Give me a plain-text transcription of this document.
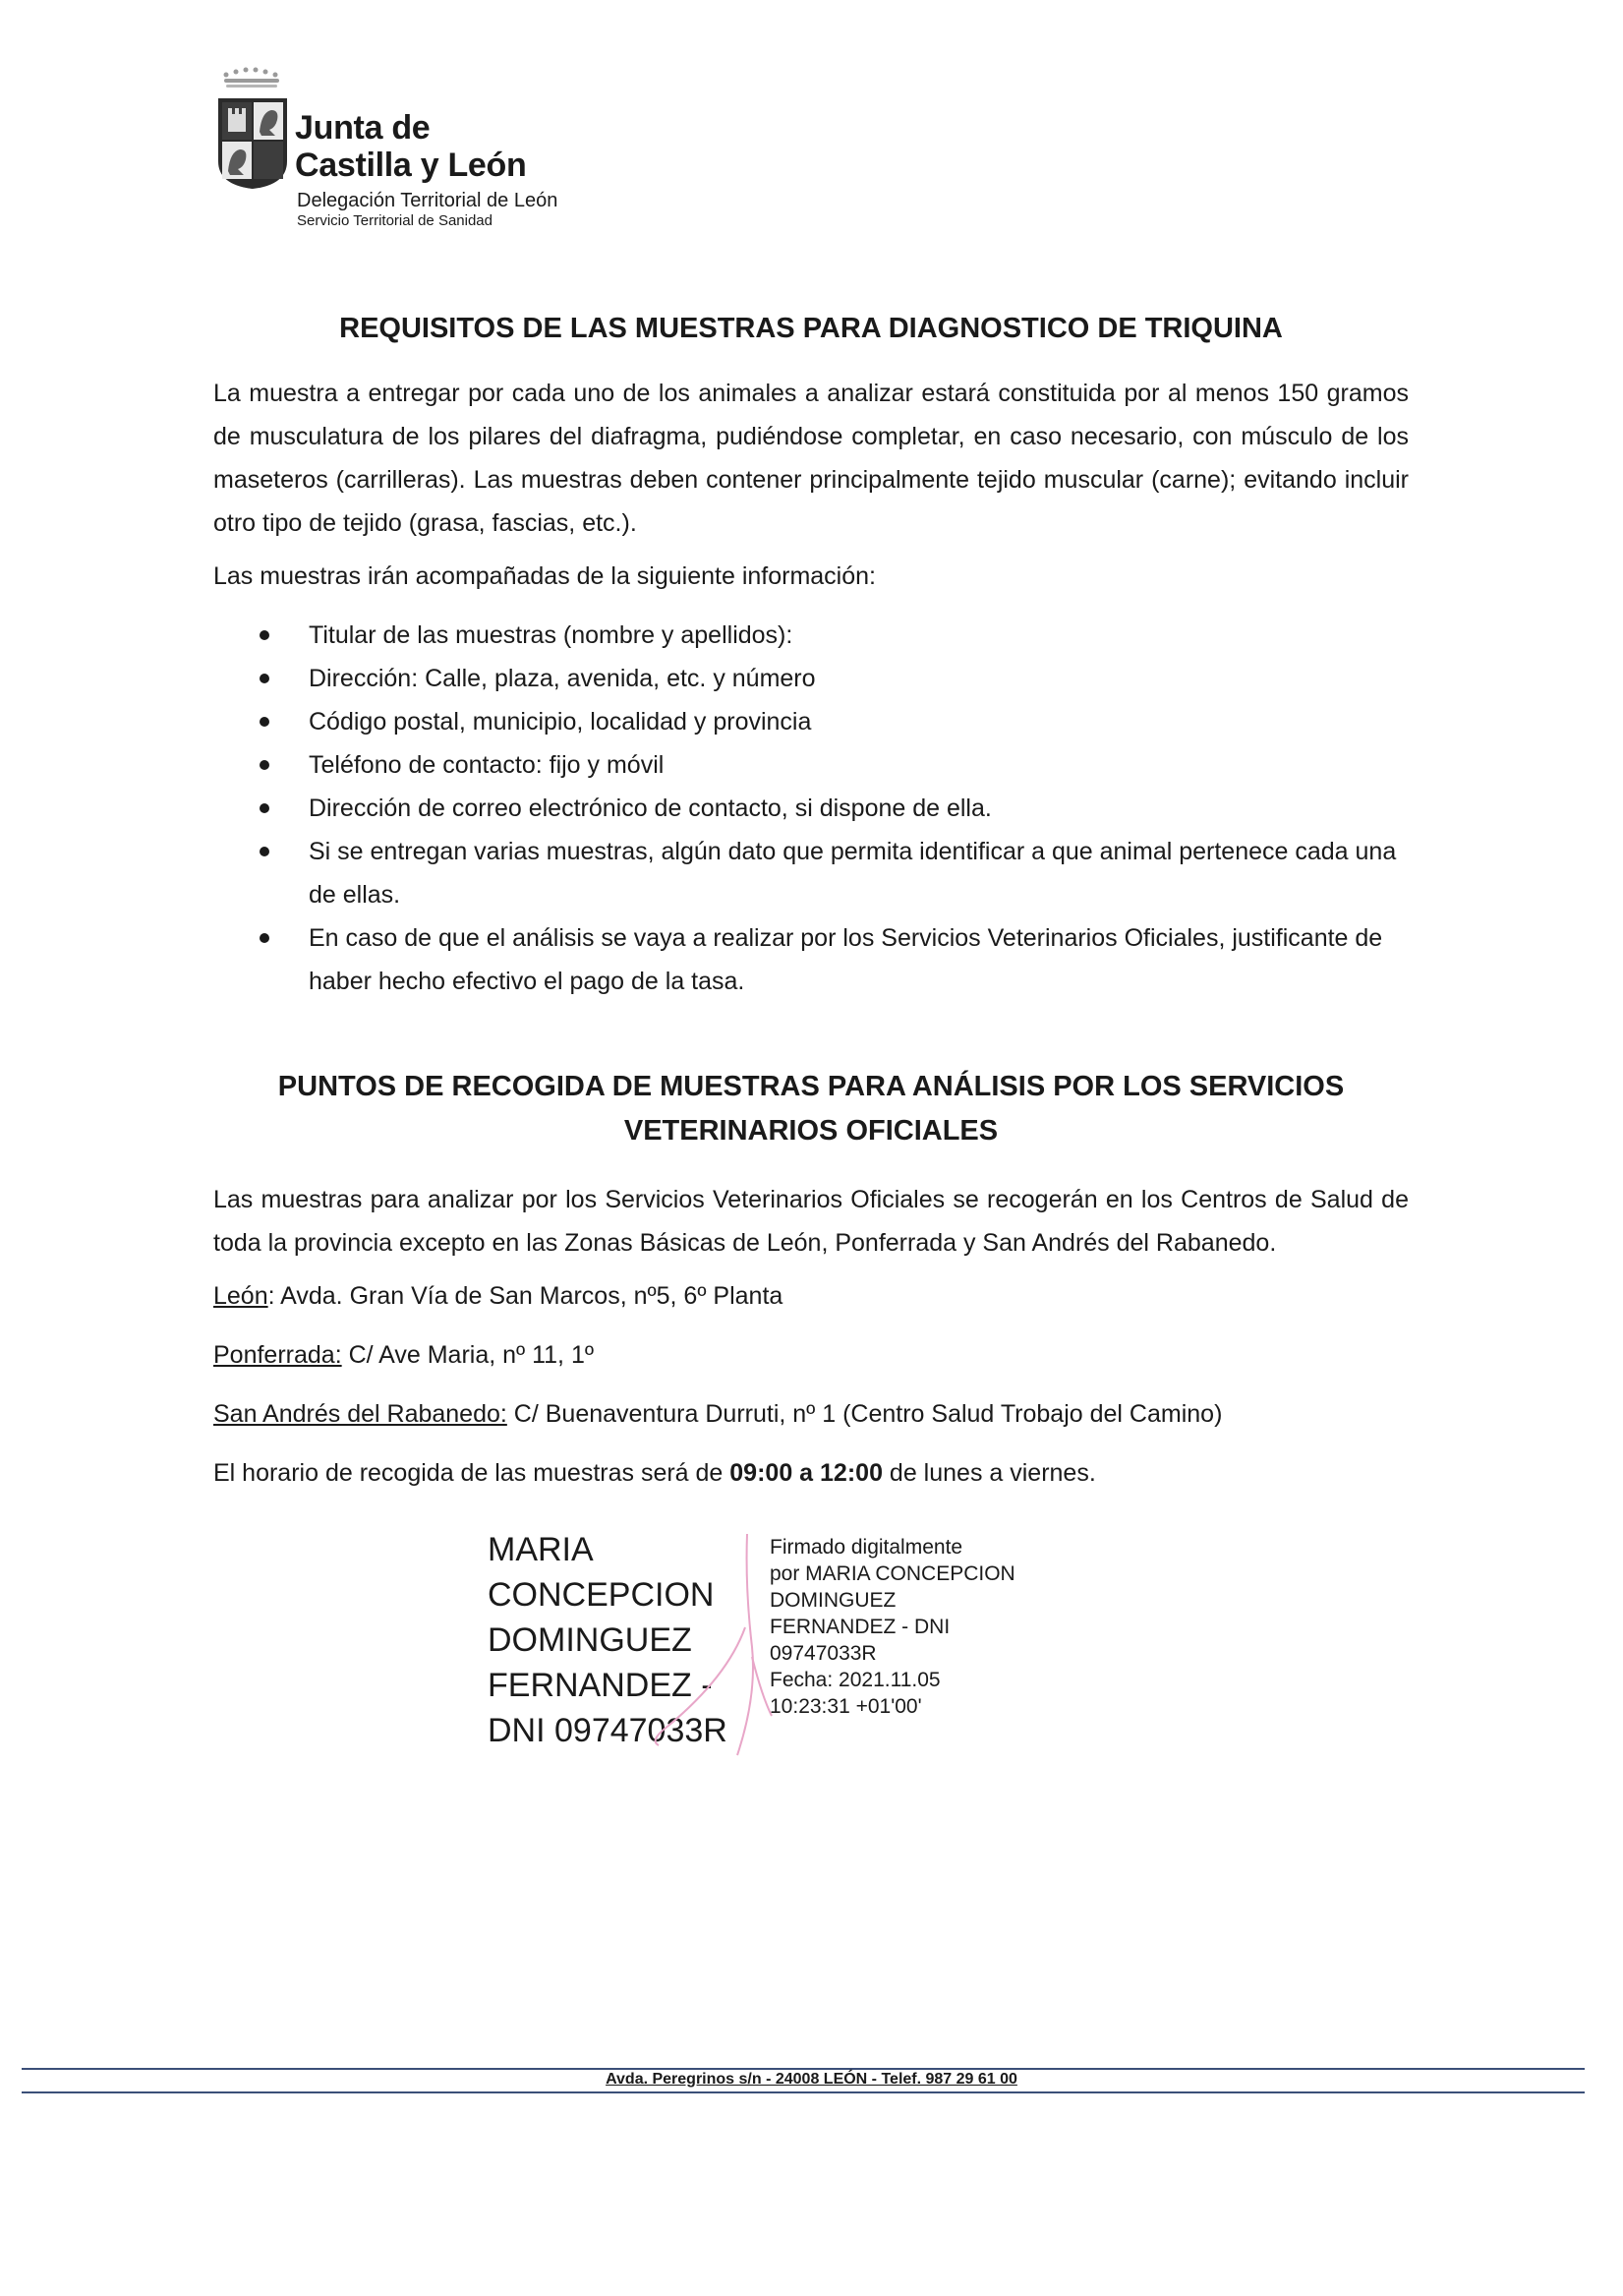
Junta de
Castilla y León
Delegación Territorial de León
Servicio Territorial de Sanidad
REQUISITOS DE LAS MUESTRAS PARA DIAGNOSTICO DE TRIQUINA
La muestra a entregar por cada uno de los animales a analizar estará constituida por al menos 150 gramos de musculatura de los pilares del diafragma, pudiéndose completar, en caso necesario, con músculo de los maseteros (carrilleras). Las muestras deben contener principalmente tejido muscular (carne); evitando incluir otro tipo de tejido (grasa, fascias, etc.).
Las muestras irán acompañadas de la siguiente información:
Titular de las muestras (nombre y apellidos):
Dirección: Calle, plaza, avenida, etc. y número
Código postal, municipio, localidad y provincia
Teléfono de contacto: fijo y móvil
Dirección de correo electrónico de contacto, si dispone de ella.
Si se entregan varias muestras, algún dato que permita identificar a que animal pertenece cada una de ellas.
En caso de que el análisis se vaya a realizar por los Servicios Veterinarios Oficiales, justificante de haber hecho efectivo el pago de la tasa.
PUNTOS DE RECOGIDA DE MUESTRAS PARA ANÁLISIS POR LOS SERVICIOS
VETERINARIOS OFICIALES
Las muestras para analizar por los Servicios Veterinarios Oficiales se recogerán en los Centros de Salud de toda la provincia excepto en las Zonas Básicas de León, Ponferrada y San Andrés del Rabanedo.
León: Avda. Gran Vía de San Marcos, nº5, 6º Planta
Ponferrada: C/ Ave Maria, nº 11, 1º
San Andrés del Rabanedo: C/ Buenaventura Durruti, nº 1 (Centro Salud Trobajo del Camino)
El horario de recogida de las muestras será de 09:00 a 12:00 de lunes a viernes.
MARIA
CONCEPCION
DOMINGUEZ
FERNANDEZ -
DNI 09747033R
Firmado digitalmente
por MARIA CONCEPCION
DOMINGUEZ
FERNANDEZ - DNI
09747033R
Fecha: 2021.11.05
10:23:31 +01'00'
Avda. Peregrinos s/n - 24008 LEÓN - Telef. 987 29 61 00
